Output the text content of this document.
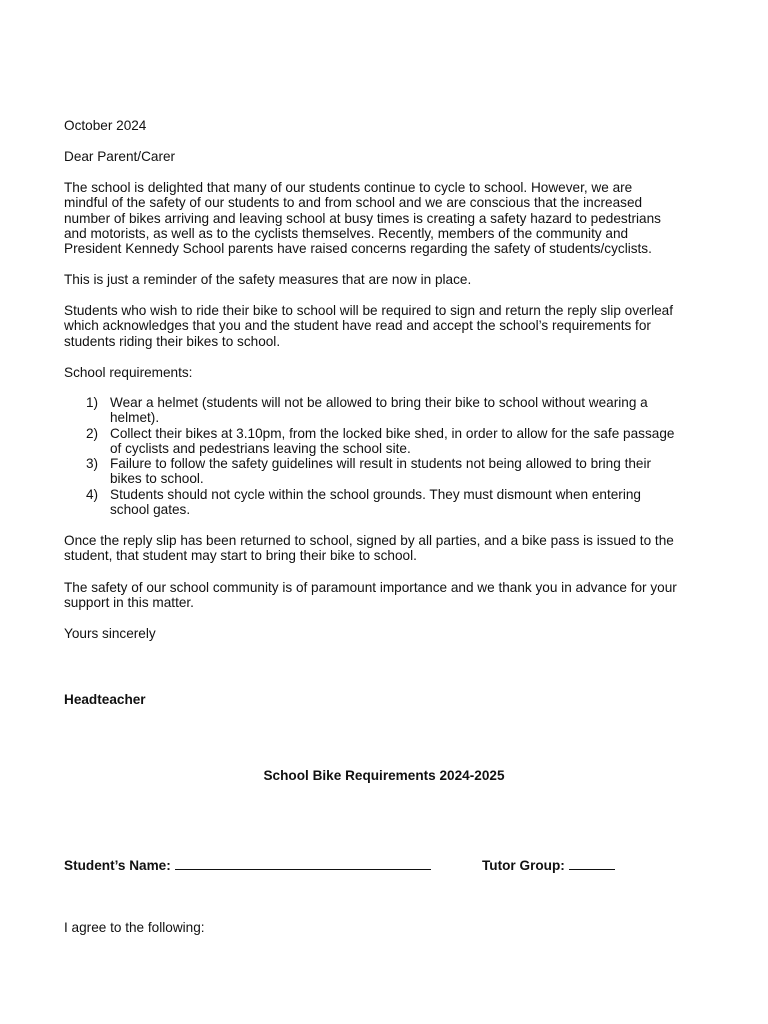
October 2024

Dear Parent/Carer

The school is delighted that many of our students continue to cycle to school. However, we are
mindful of the safety of our students to and from school and we are conscious that the increased
number of bikes arriving and leaving school at busy times is creating a safety hazard to pedestrians
and motorists, as well as to the cyclists themselves. Recently, members of the community and
President Kennedy School parents have raised concerns regarding the safety of students/cyclists.

This is just a reminder of the safety measures that are now in place.

Students who wish to ride their bike to school will be required to sign and return the reply slip overleaf
which acknowledges that you and the student have read and accept the school’s requirements for
students riding their bikes to school.

School requirements:

1) Wear a helmet (students will not be allowed to bring their bike to school without wearing a
helmet).
2) Collect their bikes at 3.10pm, from the locked bike shed, in order to allow for the safe passage
of cyclists and pedestrians leaving the school site.
3) Failure to follow the safety guidelines will result in students not being allowed to bring their
bikes to school.
4) Students should not cycle within the school grounds. They must dismount when entering
school gates.
Once the reply slip has been returned to school, signed by all parties, and a bike pass is issued to the
student, that student may start to bring their bike to school.
The safety of our school community is of paramount importance and we thank you in advance for your
support in this matter.

Yours sincerely

Headteacher

School Bike Requirements 2024-2025
Student’s Name:	Tutor Group:

I agree to the following:
